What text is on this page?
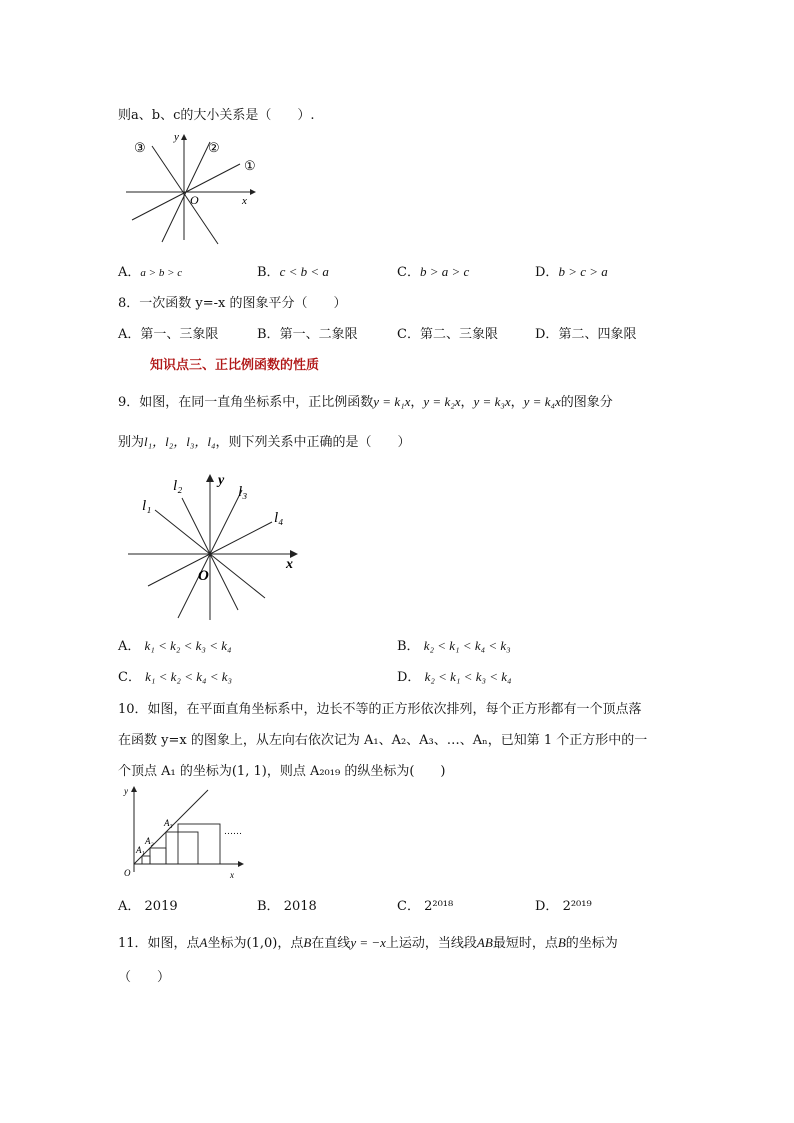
则a、b、c的大小关系是（　　）.
①
②
③
y
x
O
A．a > b > c	B．c < b < a	C．b > a > c	D．b > c > a
8．一次函数 y=-x 的图象平分（　　）
A．第一、三象限	B．第一、二象限	C．第二、三象限	D．第二、四象限
知识点三、正比例函数的性质
9．如图，在同一直角坐标系中，正比例函数y = k₁x，y = k₂x，y = k₃x，y = k₄x的图象分
别为l₁，l₂，l₃，l₄，则下列关系中正确的是（　　）
l₁
l₂	l₃
l₄
y
x
O
A． k₁ < k₂ < k₃ < k₄	B． k₂ < k₁ < k₄ < k₃
C． k₁ < k₂ < k₄ < k₃	D． k₂ < k₁ < k₃ < k₄
10．如图，在平面直角坐标系中，边长不等的正方形依次排列，每个正方形都有一个顶点落
在函数 y=x 的图象上，从左向右依次记为 A₁、A₂、A₃、…、Aₙ，已知第 1 个正方形中的一
个顶点 A₁ 的坐标为(1, 1)，则点 A₂₀₁₉ 的纵坐标为(　　)
A₁
A₂
A₃
……
y
x
O
A． 2019	B． 2018	C． 2²⁰¹⁸	D． 2²⁰¹⁹
11．如图，点A坐标为(1,0)，点B在直线y = −x上运动，当线段AB最短时，点B的坐标为
（　　）
